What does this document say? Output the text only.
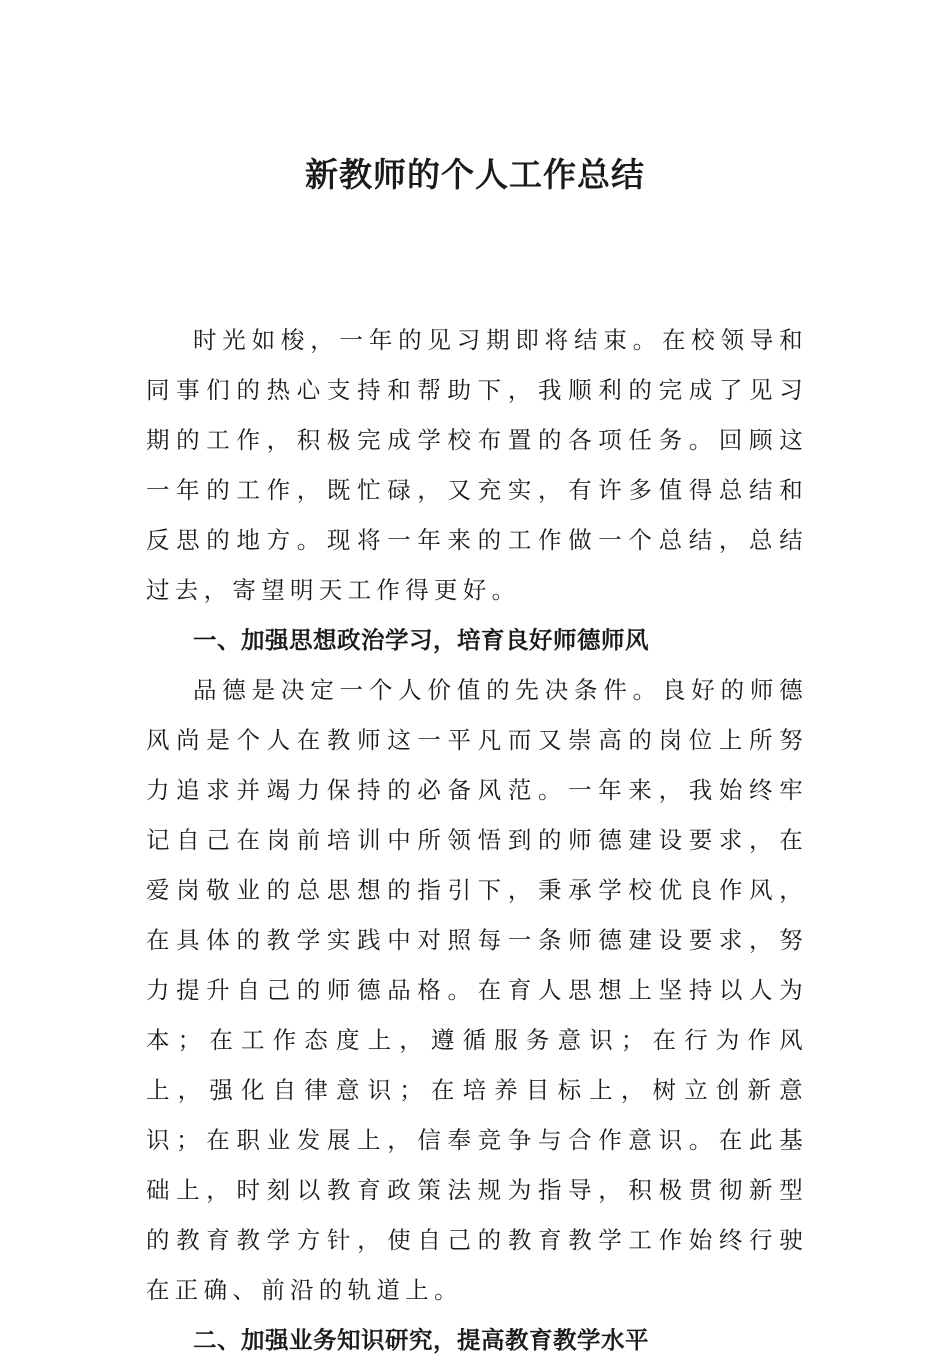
新教师的个人工作总结

时光如梭，一年的见习期即将结束。在校领导和同事们的热心支持和帮助下，我顺利的完成了见习期的工作，积极完成学校布置的各项任务。回顾这一年的工作，既忙碌，又充实，有许多值得总结和反思的地方。现将一年来的工作做一个总结，总结过去，寄望明天工作得更好。

一、加强思想政治学习，培育良好师德师风

品德是决定一个人价值的先决条件。良好的师德风尚是个人在教师这一平凡而又崇高的岗位上所努力追求并竭力保持的必备风范。一年来，我始终牢记自己在岗前培训中所领悟到的师德建设要求，在爱岗敬业的总思想的指引下，秉承学校优良作风，在具体的教学实践中对照每一条师德建设要求，努力提升自己的师德品格。在育人思想上坚持以人为本；在工作态度上，遵循服务意识；在行为作风上，强化自律意识；在培养目标上，树立创新意识；在职业发展上，信奉竞争与合作意识。在此基础上，时刻以教育政策法规为指导，积极贯彻新型的教育教学方针，使自己的教育教学工作始终行驶在正确、前沿的轨道上。

二、加强业务知识研究，提高教育教学水平
